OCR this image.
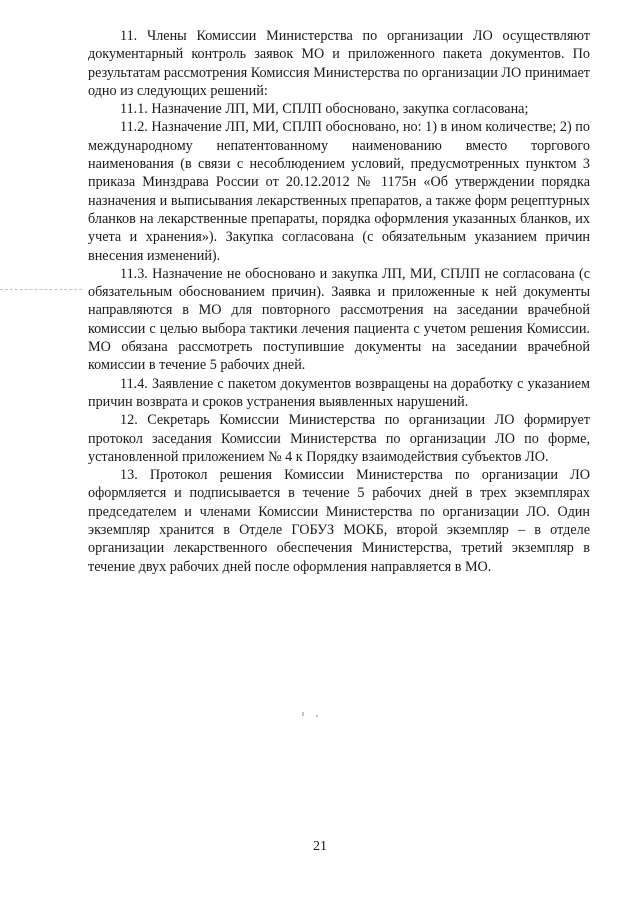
11. Члены Комиссии Министерства по организации ЛО осуществляют документарный контроль заявок МО и приложенного пакета документов. По результатам рассмотрения Комиссия Министерства по организации ЛО принимает одно из следующих решений:

11.1. Назначение ЛП, МИ, СПЛП обосновано, закупка согласована;

11.2. Назначение ЛП, МИ, СПЛП обосновано, но: 1) в ином количестве; 2) по международному непатентованному наименованию вместо торгового наименования (в связи с несоблюдением условий, предусмотренных пунктом 3 приказа Минздрава России от 20.12.2012 № 1175н «Об утверждении порядка назначения и выписывания лекарственных препаратов, а также форм рецептурных бланков на лекарственные препараты, порядка оформления указанных бланков, их учета и хранения»). Закупка согласована (с обязательным указанием причин внесения изменений).

11.3. Назначение не обосновано и закупка ЛП, МИ, СПЛП не согласована (с обязательным обоснованием причин). Заявка и приложенные к ней документы направляются в МО для повторного рассмотрения на заседании врачебной комиссии с целью выбора тактики лечения пациента с учетом решения Комиссии. МО обязана рассмотреть поступившие документы на заседании врачебной комиссии в течение 5 рабочих дней.

11.4. Заявление с пакетом документов возвращены на доработку с указанием причин возврата и сроков устранения выявленных нарушений.

12. Секретарь Комиссии Министерства по организации ЛО формирует протокол заседания Комиссии Министерства по организации ЛО по форме, установленной приложением № 4 к Порядку взаимодействия субъектов ЛО.

13. Протокол решения Комиссии Министерства по организации ЛО оформляется и подписывается в течение 5 рабочих дней в трех экземплярах председателем и членами Комиссии Министерства по организации ЛО. Один экземпляр хранится в Отделе ГОБУЗ МОКБ, второй экземпляр – в отделе организации лекарственного обеспечения Министерства, третий экземпляр в течение двух рабочих дней после оформления направляется в МО.

21
